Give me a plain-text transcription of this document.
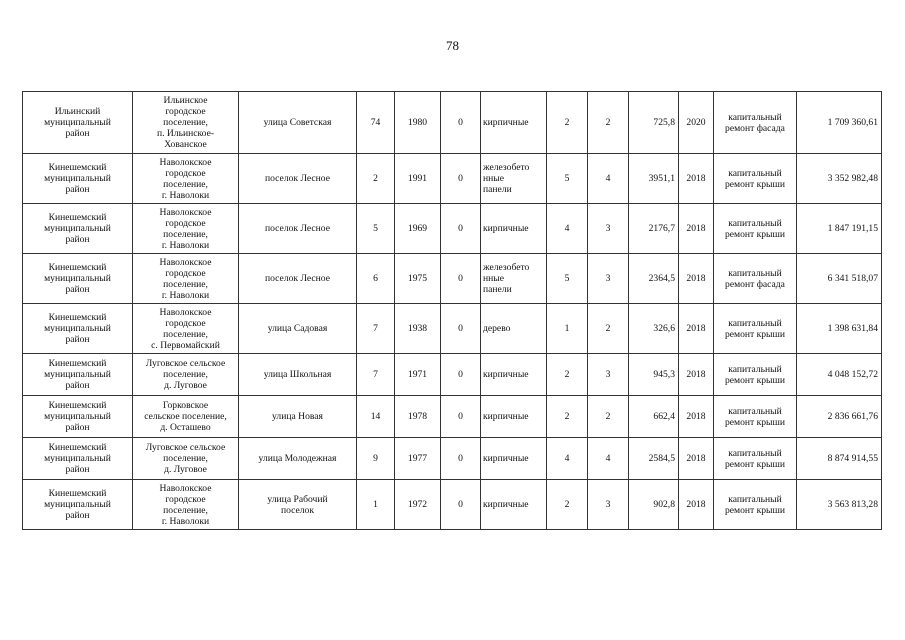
78
Ильинский
муниципальный
район	Ильинское
городское
поселение,
п. Ильинское-
Хованское	улица Советская	74	1980	0	кирпичные	2	2	725,8	2020	капитальный
ремонт фасада	1 709 360,61

Кинешемский
муниципальный
район	Наволокское
городское
поселение,
г. Наволоки	поселок Лесное	2	1991	0	железобето
нные
панели	5	4	3951,1	2018	капитальный
ремонт крыши	3 352 982,48

Кинешемский
муниципальный
район	Наволокское
городское
поселение,
г. Наволоки	поселок Лесное	5	1969	0	кирпичные	4	3	2176,7	2018	капитальный
ремонт крыши	1 847 191,15

Кинешемский
муниципальный
район	Наволокское
городское
поселение,
г. Наволоки	поселок Лесное	6	1975	0	железобето
нные
панели	5	3	2364,5	2018	капитальный
ремонт фасада	6 341 518,07

Кинешемский
муниципальный
район	Наволокское
городское
поселение,
с. Первомайский	улица Садовая	7	1938	0	дерево	1	2	326,6	2018	капитальный
ремонт крыши	1 398 631,84

Кинешемский
муниципальный
район	Луговское сельское
поселение,
д. Луговое	улица Школьная	7	1971	0	кирпичные	2	3	945,3	2018	капитальный
ремонт крыши	4 048 152,72

Кинешемский
муниципальный
район	Горковское
сельское поселение,
д. Осташево	улица Новая	14	1978	0	кирпичные	2	2	662,4	2018	капитальный
ремонт крыши	2 836 661,76

Кинешемский
муниципальный
район	Луговское сельское
поселение,
д. Луговое	улица Молодежная	9	1977	0	кирпичные	4	4	2584,5	2018	капитальный
ремонт крыши	8 874 914,55

Кинешемский
муниципальный
район	Наволокское
городское
поселение,
г. Наволоки	улица Рабочий
поселок	1	1972	0	кирпичные	2	3	902,8	2018	капитальный
ремонт крыши	3 563 813,28
